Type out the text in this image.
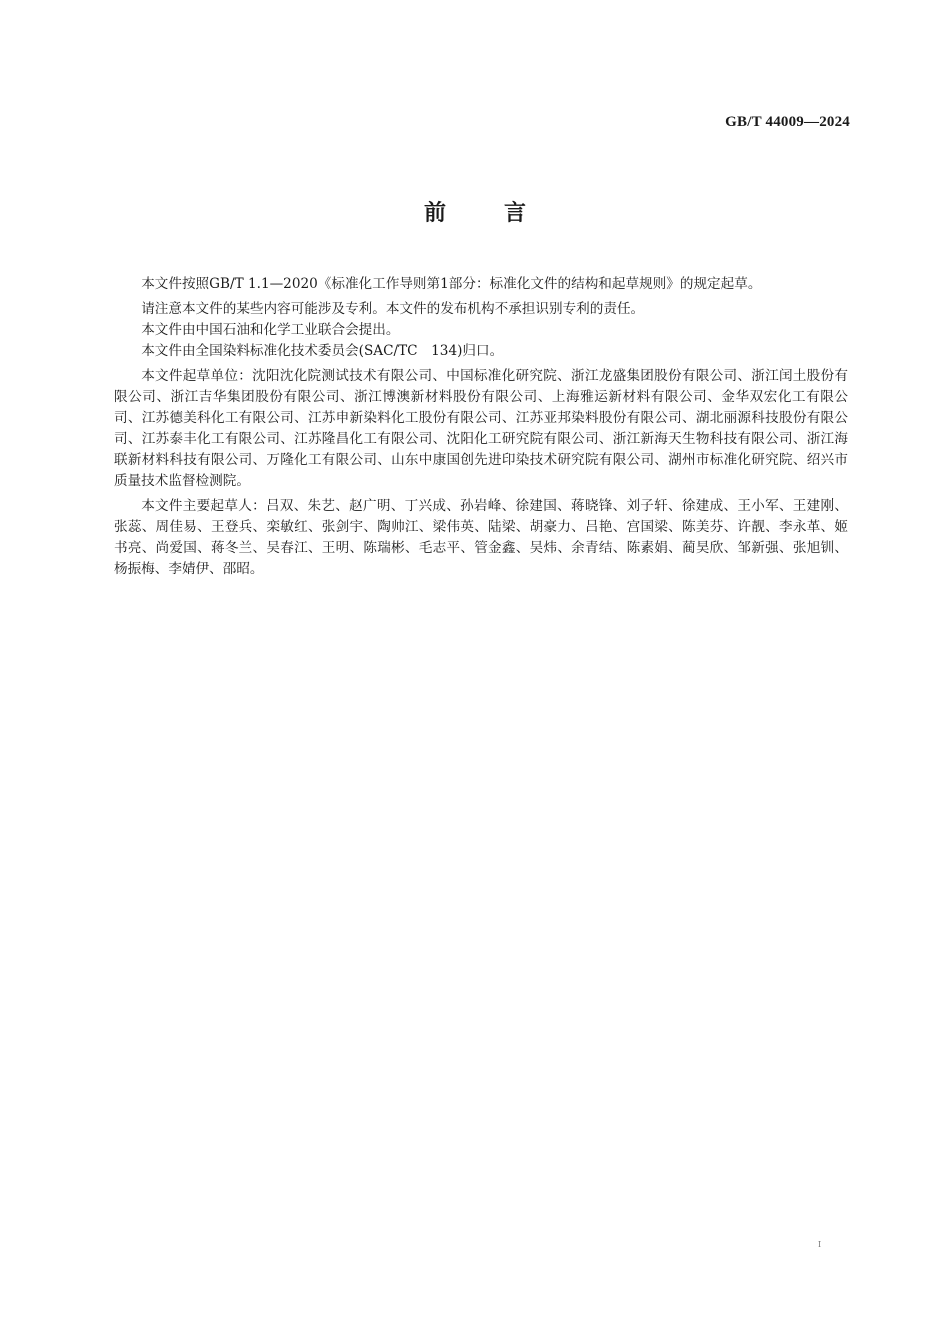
GB/T 44009—2024
前言

本文件按照GB/T 1.1—2020《标准化工作导则第1部分：标准化文件的结构和起草规则》的规定起草。

请注意本文件的某些内容可能涉及专利。本文件的发布机构不承担识别专利的责任。

本文件由中国石油和化学工业联合会提出。

本文件由全国染料标准化技术委员会(SAC/TC　134)归口。

本文件起草单位：沈阳沈化院测试技术有限公司、中国标准化研究院、浙江龙盛集团股份有限公司、浙江闰土股份有限公司、浙江吉华集团股份有限公司、浙江博澳新材料股份有限公司、上海雅运新材料有限公司、金华双宏化工有限公司、江苏德美科化工有限公司、江苏申新染料化工股份有限公司、江苏亚邦染料股份有限公司、湖北丽源科技股份有限公司、江苏泰丰化工有限公司、江苏隆昌化工有限公司、沈阳化工研究院有限公司、浙江新海天生物科技有限公司、浙江海联新材料科技有限公司、万隆化工有限公司、山东中康国创先进印染技术研究院有限公司、湖州市标准化研究院、绍兴市质量技术监督检测院。

本文件主要起草人：吕双、朱艺、赵广明、丁兴成、孙岩峰、徐建国、蒋晓锋、刘子轩、徐建成、王小军、王建刚、张蕊、周佳易、王登兵、栾敏红、张剑宇、陶帅江、梁伟英、陆梁、胡豪力、吕艳、宫国梁、陈美芬、许靓、李永革、姬书亮、尚爱国、蒋冬兰、吴春江、王明、陈瑞彬、毛志平、管金鑫、吴炜、余青结、陈素娟、蔺昊欣、邹新强、张旭钏、杨振梅、李婧伊、邵昭。

I
